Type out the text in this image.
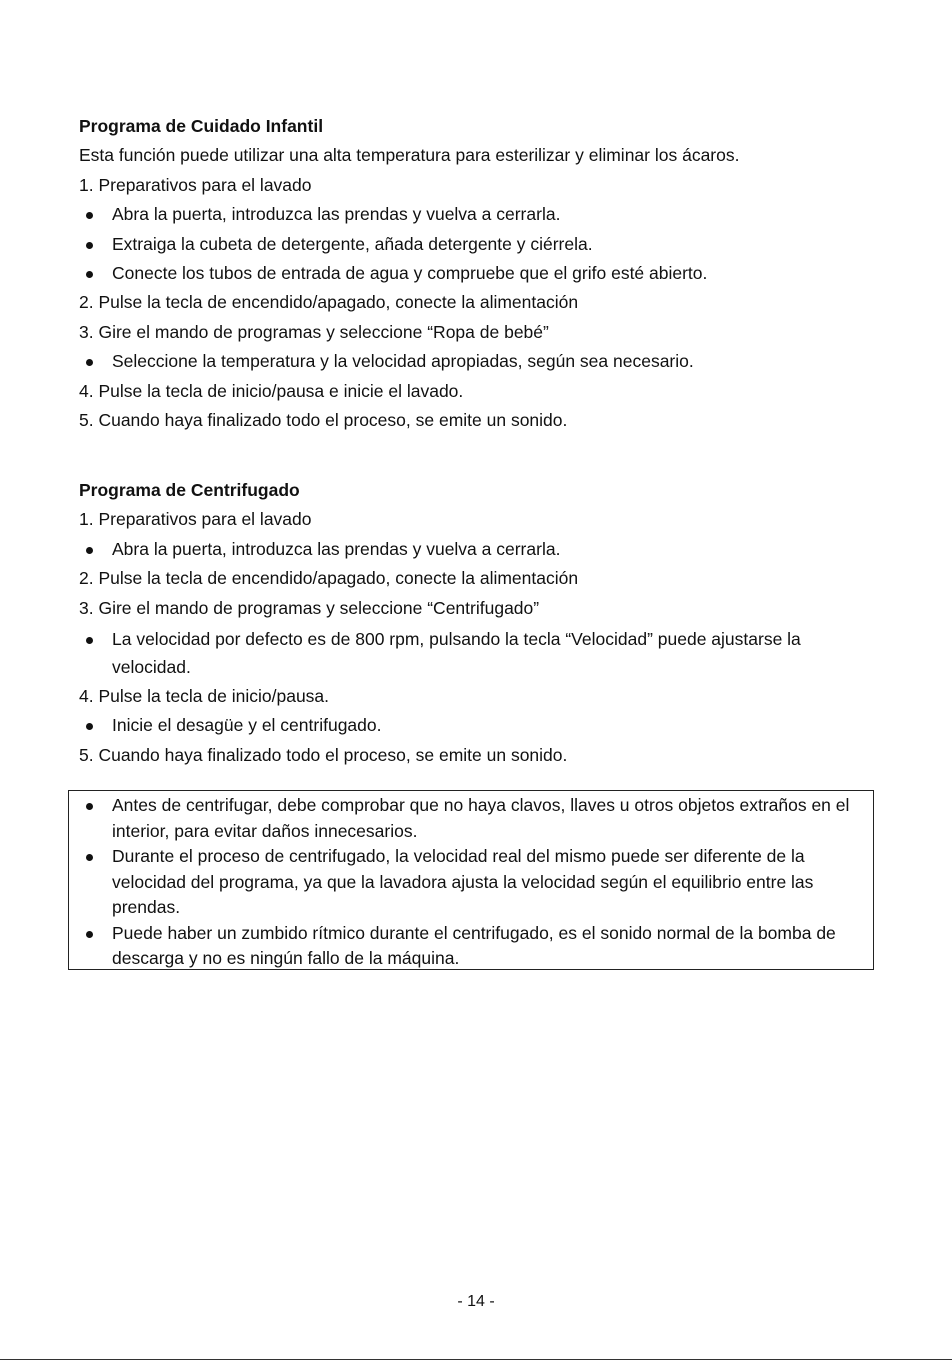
Programa de Cuidado Infantil
Esta función puede utilizar una alta temperatura para esterilizar y eliminar los ácaros.
1. Preparativos para el lavado
Abra la puerta, introduzca las prendas y vuelva a cerrarla.
Extraiga la cubeta de detergente, añada detergente y ciérrela.
Conecte los tubos de entrada de agua y compruebe que el grifo esté abierto.
2. Pulse la tecla de encendido/apagado, conecte la alimentación
3. Gire el mando de programas y seleccione “Ropa de bebé”
Seleccione la temperatura y la velocidad apropiadas, según sea necesario.
4. Pulse la tecla de inicio/pausa e inicie el lavado.
5. Cuando haya finalizado todo el proceso, se emite un sonido.
Programa de Centrifugado
1. Preparativos para el lavado
Abra la puerta, introduzca las prendas y vuelva a cerrarla.
2. Pulse la tecla de encendido/apagado, conecte la alimentación
3. Gire el mando de programas y seleccione “Centrifugado”
La velocidad por defecto es de 800 rpm, pulsando la tecla “Velocidad” puede ajustarse la velocidad.
4. Pulse la tecla de inicio/pausa.
Inicie el desagüe y el centrifugado.
5. Cuando haya finalizado todo el proceso, se emite un sonido.
Antes de centrifugar, debe comprobar que no haya clavos, llaves u otros objetos extraños en el interior, para evitar daños innecesarios.
Durante el proceso de centrifugado, la velocidad real del mismo puede ser diferente de la velocidad del programa, ya que la lavadora ajusta la velocidad según el equilibrio entre las prendas.
Puede haber un zumbido rítmico durante el centrifugado, es el sonido normal de la bomba de descarga y no es ningún fallo de la máquina.
- 14 -
